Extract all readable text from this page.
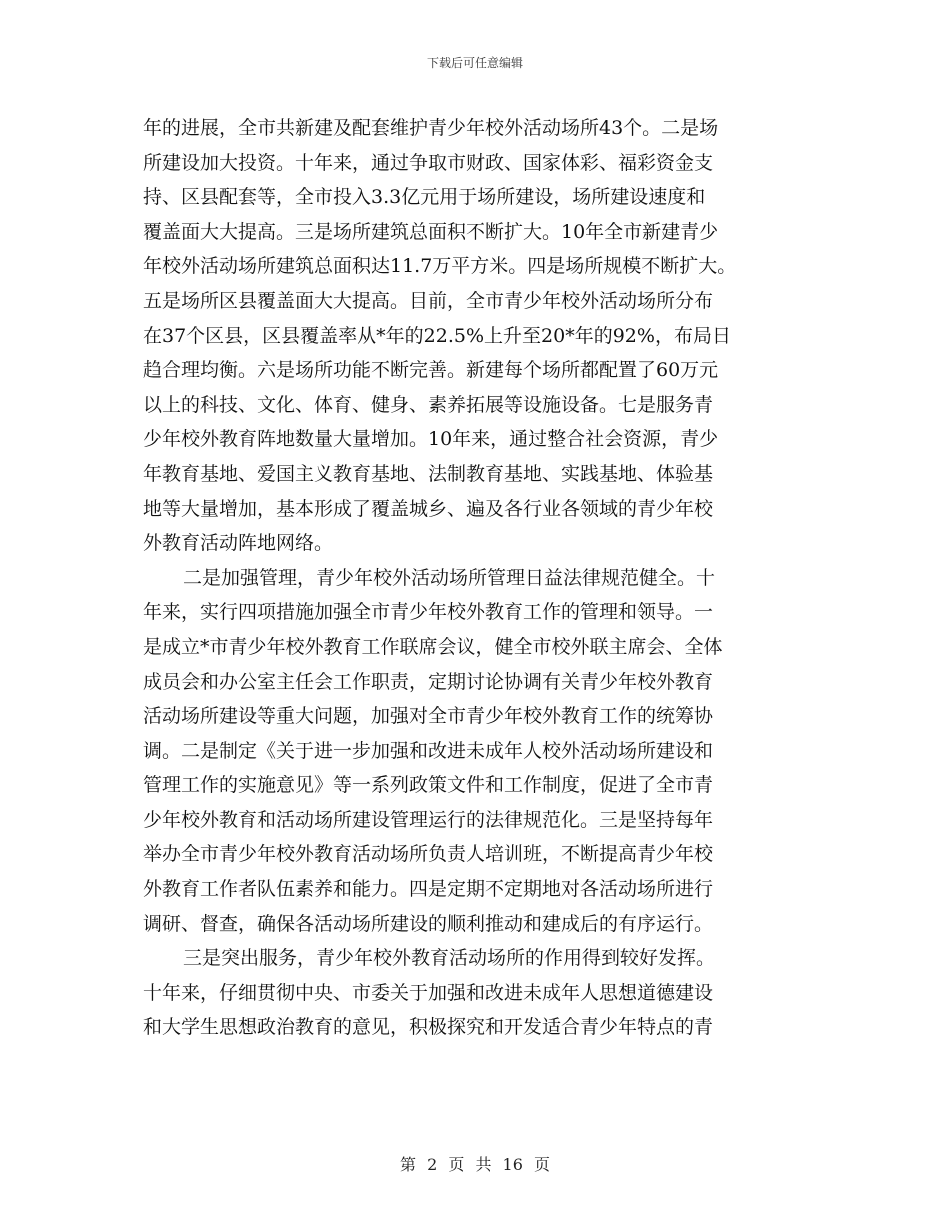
下载后可任意编辑
年的进展，全市共新建及配套维护青少年校外活动场所43个。二是场
所建设加大投资。十年来，通过争取市财政、国家体彩、福彩资金支
持、区县配套等，全市投入3.3亿元用于场所建设，场所建设速度和
覆盖面大大提高。三是场所建筑总面积不断扩大。10年全市新建青少
年校外活动场所建筑总面积达11.7万平方米。四是场所规模不断扩大。
五是场所区县覆盖面大大提高。目前，全市青少年校外活动场所分布
在37个区县，区县覆盖率从*年的22.5%上升至20*年的92%，布局日
趋合理均衡。六是场所功能不断完善。新建每个场所都配置了60万元
以上的科技、文化、体育、健身、素养拓展等设施设备。七是服务青
少年校外教育阵地数量大量增加。10年来，通过整合社会资源，青少
年教育基地、爱国主义教育基地、法制教育基地、实践基地、体验基
地等大量增加，基本形成了覆盖城乡、遍及各行业各领域的青少年校
外教育活动阵地网络。
二是加强管理，青少年校外活动场所管理日益法律规范健全。十
年来，实行四项措施加强全市青少年校外教育工作的管理和领导。一
是成立*市青少年校外教育工作联席会议，健全市校外联主席会、全体
成员会和办公室主任会工作职责，定期讨论协调有关青少年校外教育
活动场所建设等重大问题，加强对全市青少年校外教育工作的统筹协
调。二是制定《关于进一步加强和改进未成年人校外活动场所建设和
管理工作的实施意见》等一系列政策文件和工作制度，促进了全市青
少年校外教育和活动场所建设管理运行的法律规范化。三是坚持每年
举办全市青少年校外教育活动场所负责人培训班，不断提高青少年校
外教育工作者队伍素养和能力。四是定期不定期地对各活动场所进行
调研、督查，确保各活动场所建设的顺利推动和建成后的有序运行。
三是突出服务，青少年校外教育活动场所的作用得到较好发挥。
十年来，仔细贯彻中央、市委关于加强和改进未成年人思想道德建设
和大学生思想政治教育的意见，积极探究和开发适合青少年特点的青
第 2 页 共 16 页
